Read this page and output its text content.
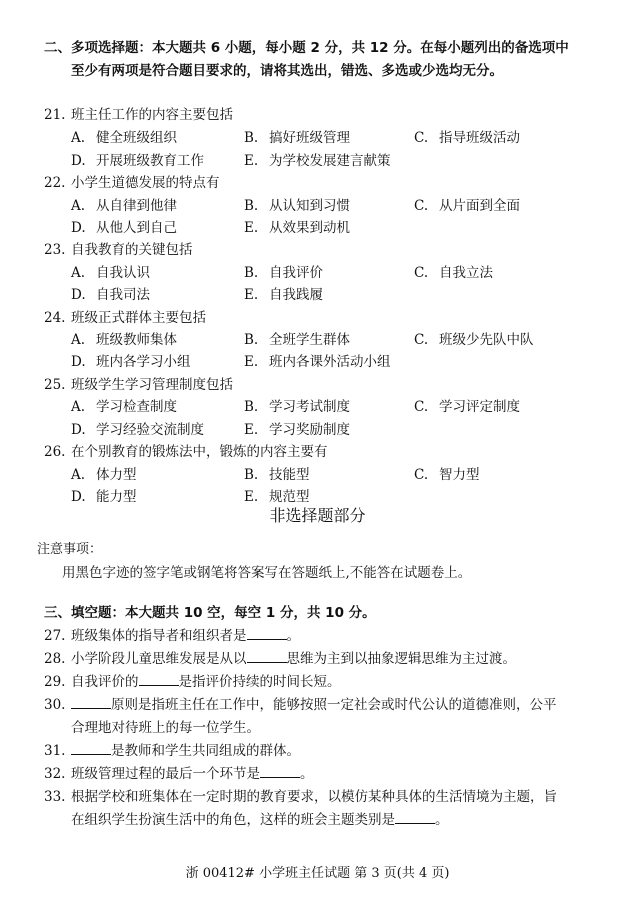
二、多项选择题：本大题共 6 小题，每小题 2 分，共 12 分。在每小题列出的备选项中
至少有两项是符合题目要求的，请将其选出，错选、多选或少选均无分。
21. 班主任工作的内容主要包括
A. 健全班级组织	B. 搞好班级管理	C. 指导班级活动
D. 开展班级教育工作	E. 为学校发展建言献策
22. 小学生道德发展的特点有
A. 从自律到他律	B. 从认知到习惯	C. 从片面到全面
D. 从他人到自己	E. 从效果到动机
23. 自我教育的关键包括
A. 自我认识	B. 自我评价	C. 自我立法
D. 自我司法	E. 自我践履
24. 班级正式群体主要包括
A. 班级教师集体	B. 全班学生群体	C. 班级少先队中队
D. 班内各学习小组	E. 班内各课外活动小组
25. 班级学生学习管理制度包括
A. 学习检查制度	B. 学习考试制度	C. 学习评定制度
D. 学习经验交流制度	E. 学习奖励制度
26. 在个别教育的锻炼法中，锻炼的内容主要有
A. 体力型	B. 技能型	C. 智力型
D. 能力型	E. 规范型
非选择题部分
注意事项：
用黑色字迹的签字笔或钢笔将答案写在答题纸上,不能答在试题卷上。
三、填空题：本大题共 10 空，每空 1 分，共 10 分。
27. 班级集体的指导者和组织者是	。
28. 小学阶段儿童思维发展是从以	思维为主到以抽象逻辑思维为主过渡。
29. 自我评价的	是指评价持续的时间长短。
30.	原则是指班主任在工作中，能够按照一定社会或时代公认的道德准则，公平
合理地对待班上的每一位学生。
31.	是教师和学生共同组成的群体。
32. 班级管理过程的最后一个环节是	。
33. 根据学校和班集体在一定时期的教育要求，以模仿某种具体的生活情境为主题，旨
在组织学生扮演生活中的角色，这样的班会主题类别是	。
浙 00412# 小学班主任试题 第 3 页(共 4 页)
